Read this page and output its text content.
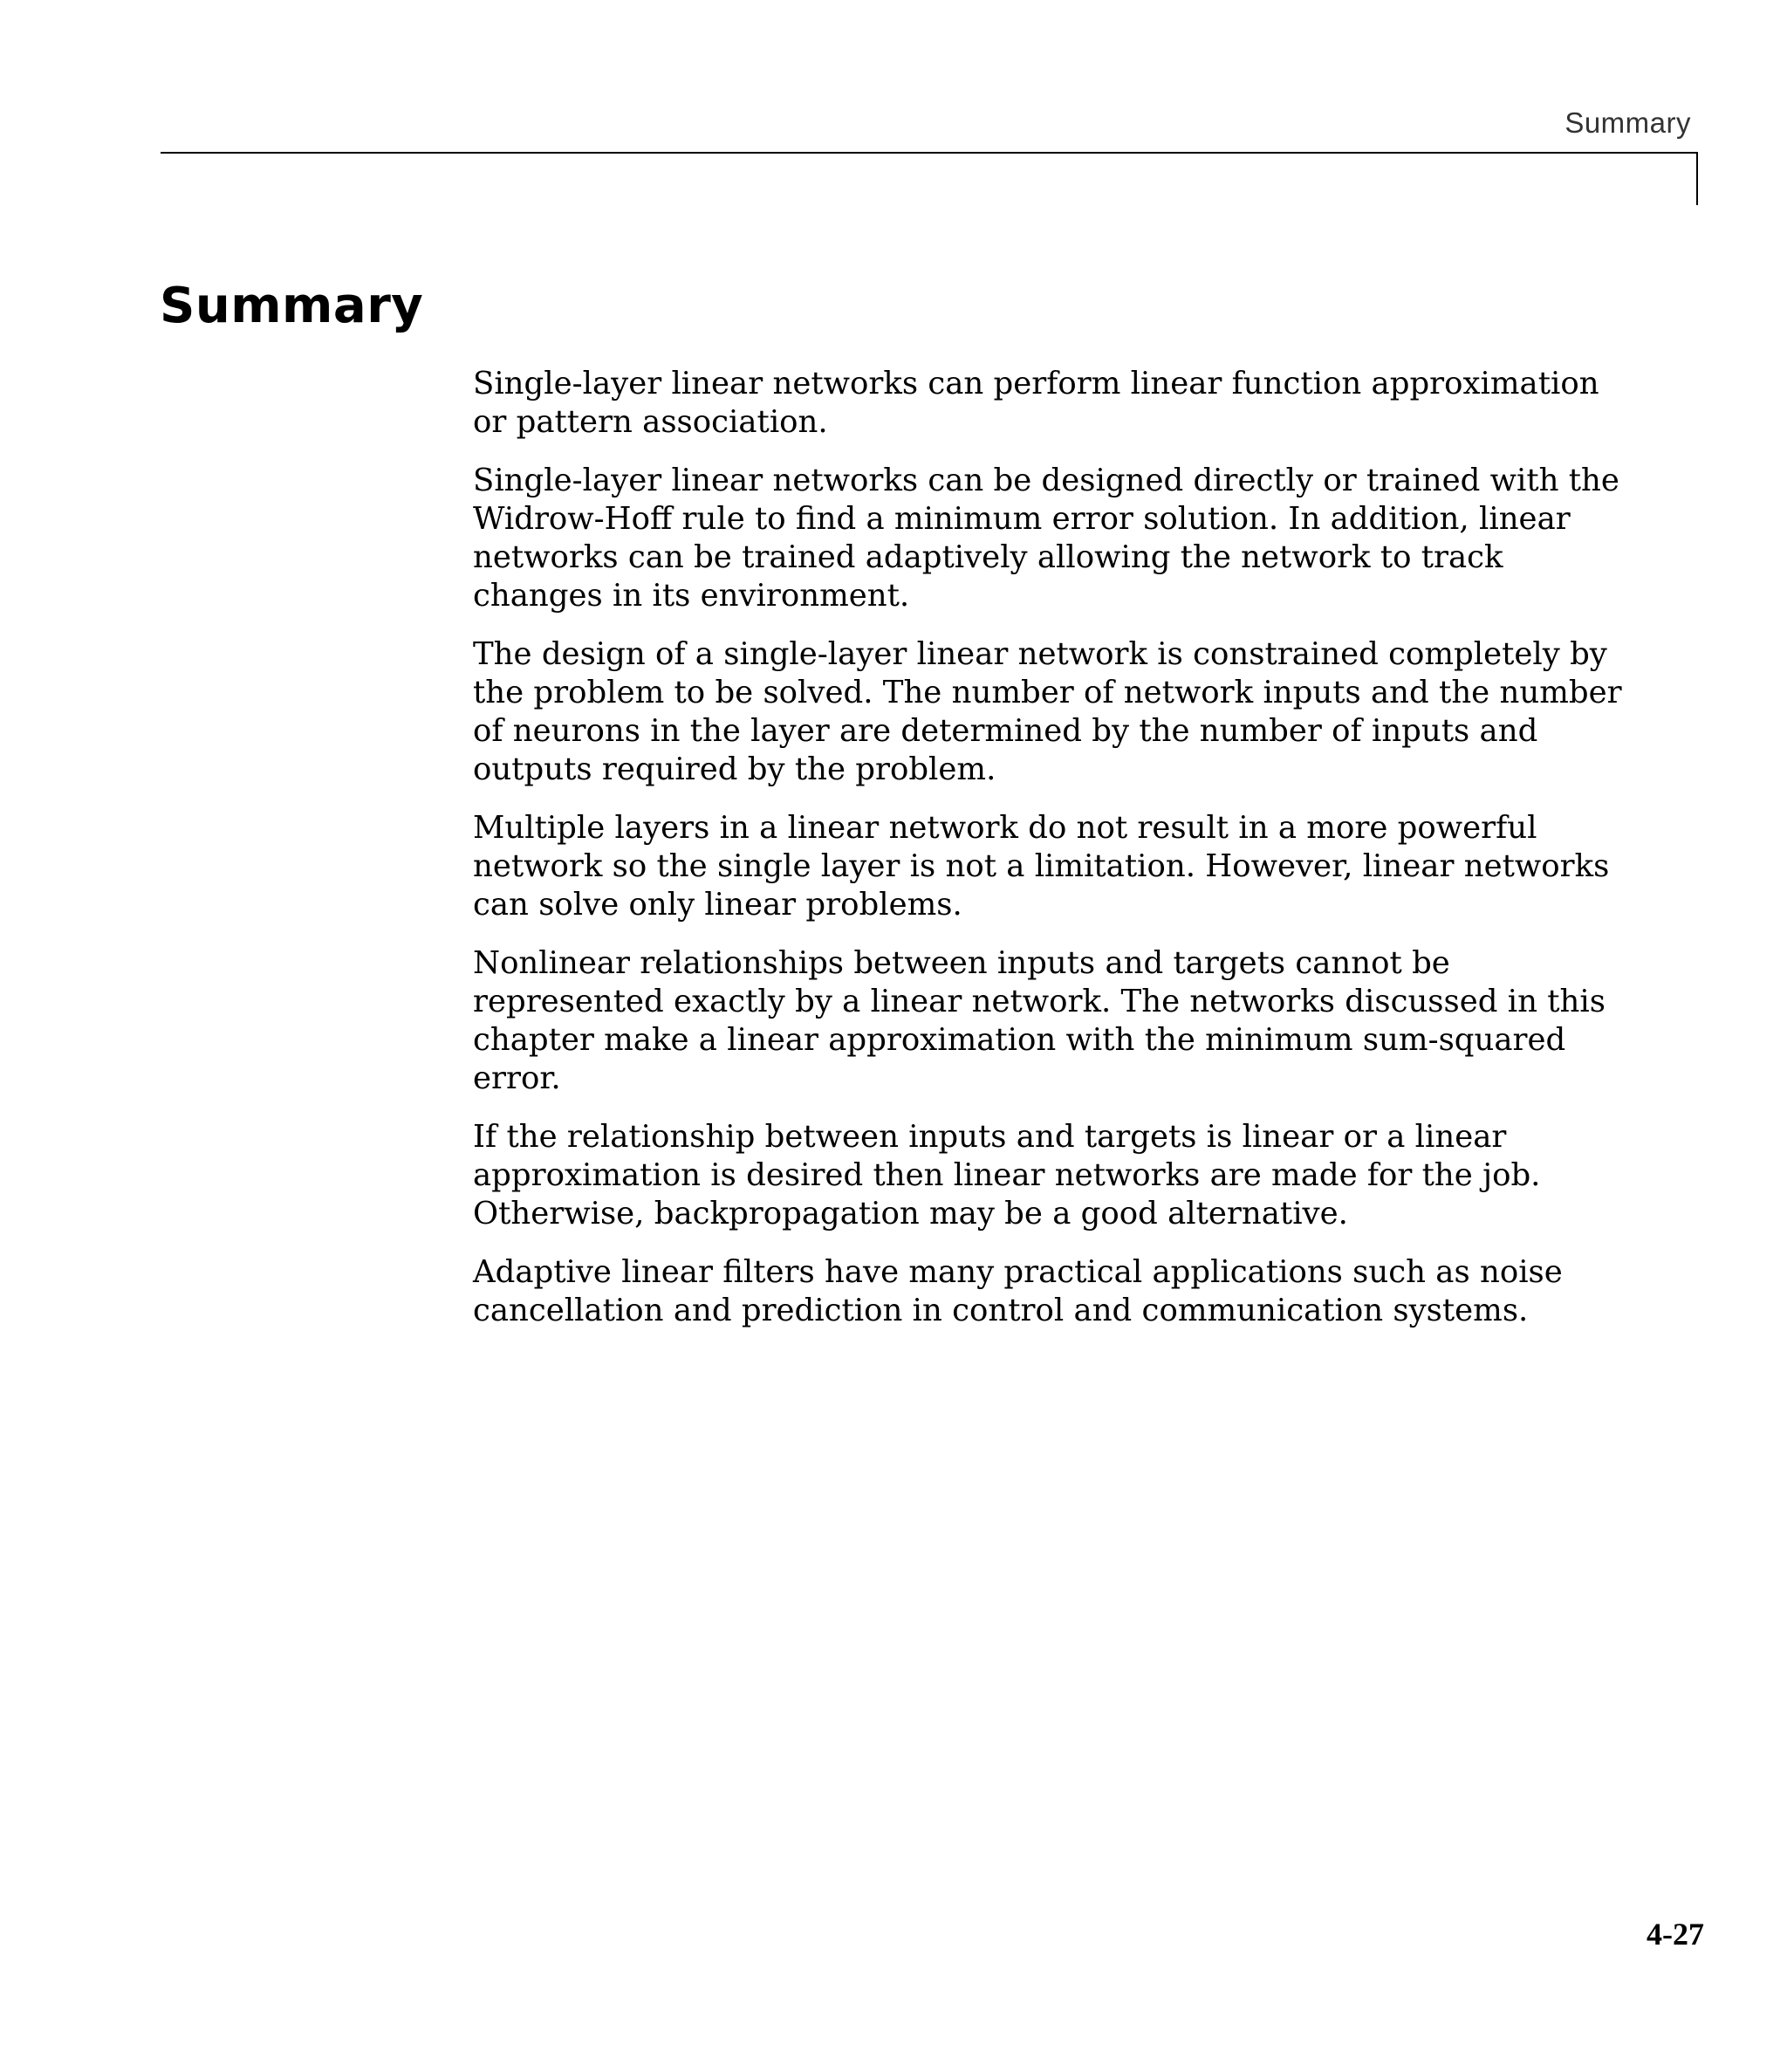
Summary
Summary

Single-layer linear networks can perform linear function approximation or pattern association.

Single-layer linear networks can be designed directly or trained with the Widrow-Hoff rule to find a minimum error solution. In addition, linear networks can be trained adaptively allowing the network to track changes in its environment.

The design of a single-layer linear network is constrained completely by the problem to be solved. The number of network inputs and the number of neurons in the layer are determined by the number of inputs and outputs required by the problem.

Multiple layers in a linear network do not result in a more powerful network so the single layer is not a limitation. However, linear networks can solve only linear problems.

Nonlinear relationships between inputs and targets cannot be represented exactly by a linear network. The networks discussed in this chapter make a linear approximation with the minimum sum-squared error.

If the relationship between inputs and targets is linear or a linear approximation is desired then linear networks are made for the job. Otherwise, backpropagation may be a good alternative.

Adaptive linear filters have many practical applications such as noise cancellation and prediction in control and communication systems.

4-27
